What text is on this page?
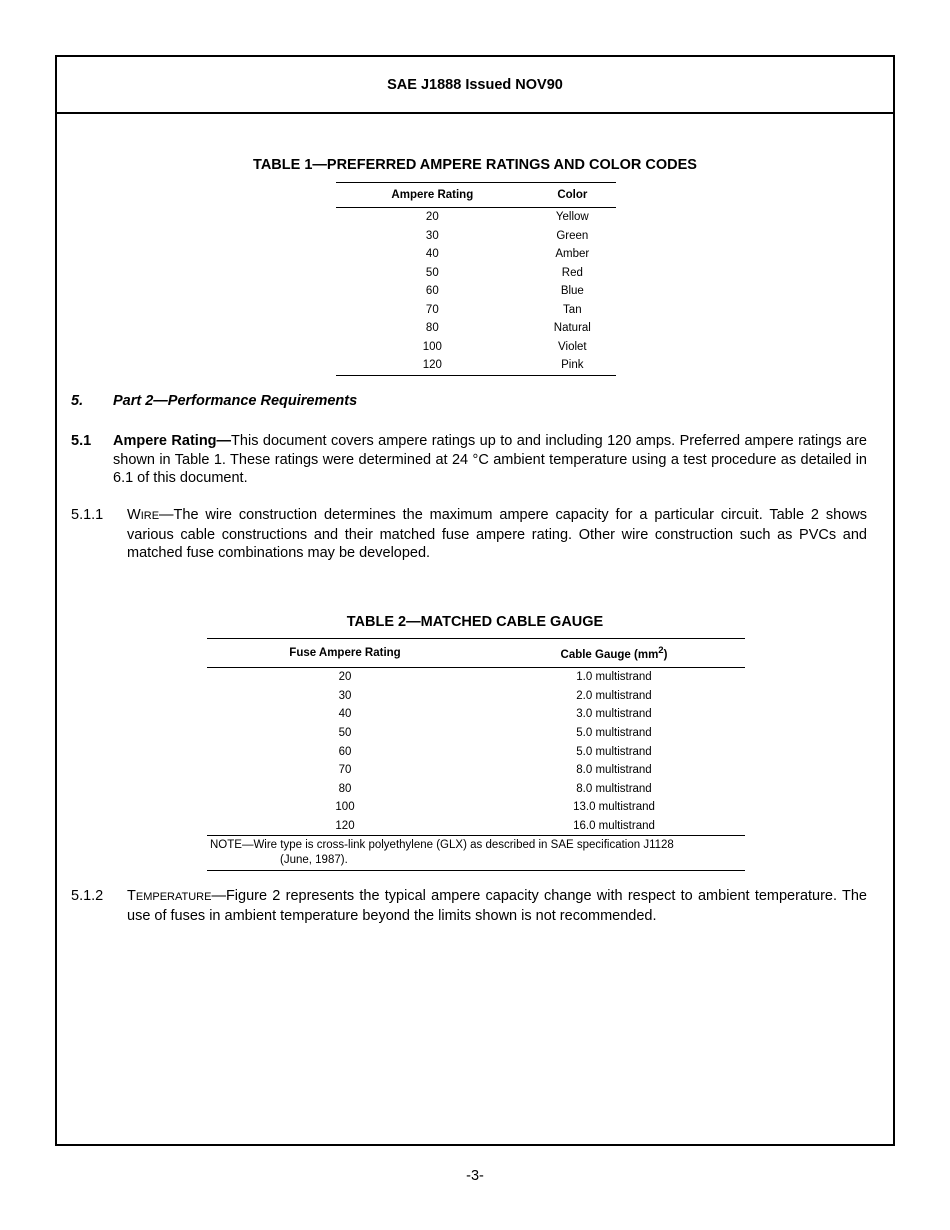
SAE J1888 Issued NOV90
TABLE 1—PREFERRED AMPERE RATINGS AND COLOR CODES
Ampere Rating	Color
20	Yellow
30	Green
40	Amber
50	Red
60	Blue
70	Tan
80	Natural
100	Violet
120	Pink
5. Part 2—Performance Requirements
5.1 Ampere Rating—This document covers ampere ratings up to and including 120 amps. Preferred ampere ratings are shown in Table 1. These ratings were determined at 24 °C ambient temperature using a test procedure as detailed in 6.1 of this document.
5.1.1 WIRE—The wire construction determines the maximum ampere capacity for a particular circuit. Table 2 shows various cable constructions and their matched fuse ampere rating. Other wire construction such as PVCs and matched fuse combinations may be developed.
TABLE 2—MATCHED CABLE GAUGE
Fuse Ampere Rating	Cable Gauge $(mm^2)$
20	1.0 multistrand
30	2.0 multistrand
40	3.0 multistrand
50	5.0 multistrand
60	5.0 multistrand
70	8.0 multistrand
80	8.0 multistrand
100	13.0 multistrand
120	16.0 multistrand
NOTE—Wire type is cross-link polyethylene (GLX) as described in SAE specification J1128
(June, 1987).	
5.1.2 TEMPERATURE—Figure 2 represents the typical ampere capacity change with respect to ambient temperature. The use of fuses in ambient temperature beyond the limits shown is not recommended.
-3-
